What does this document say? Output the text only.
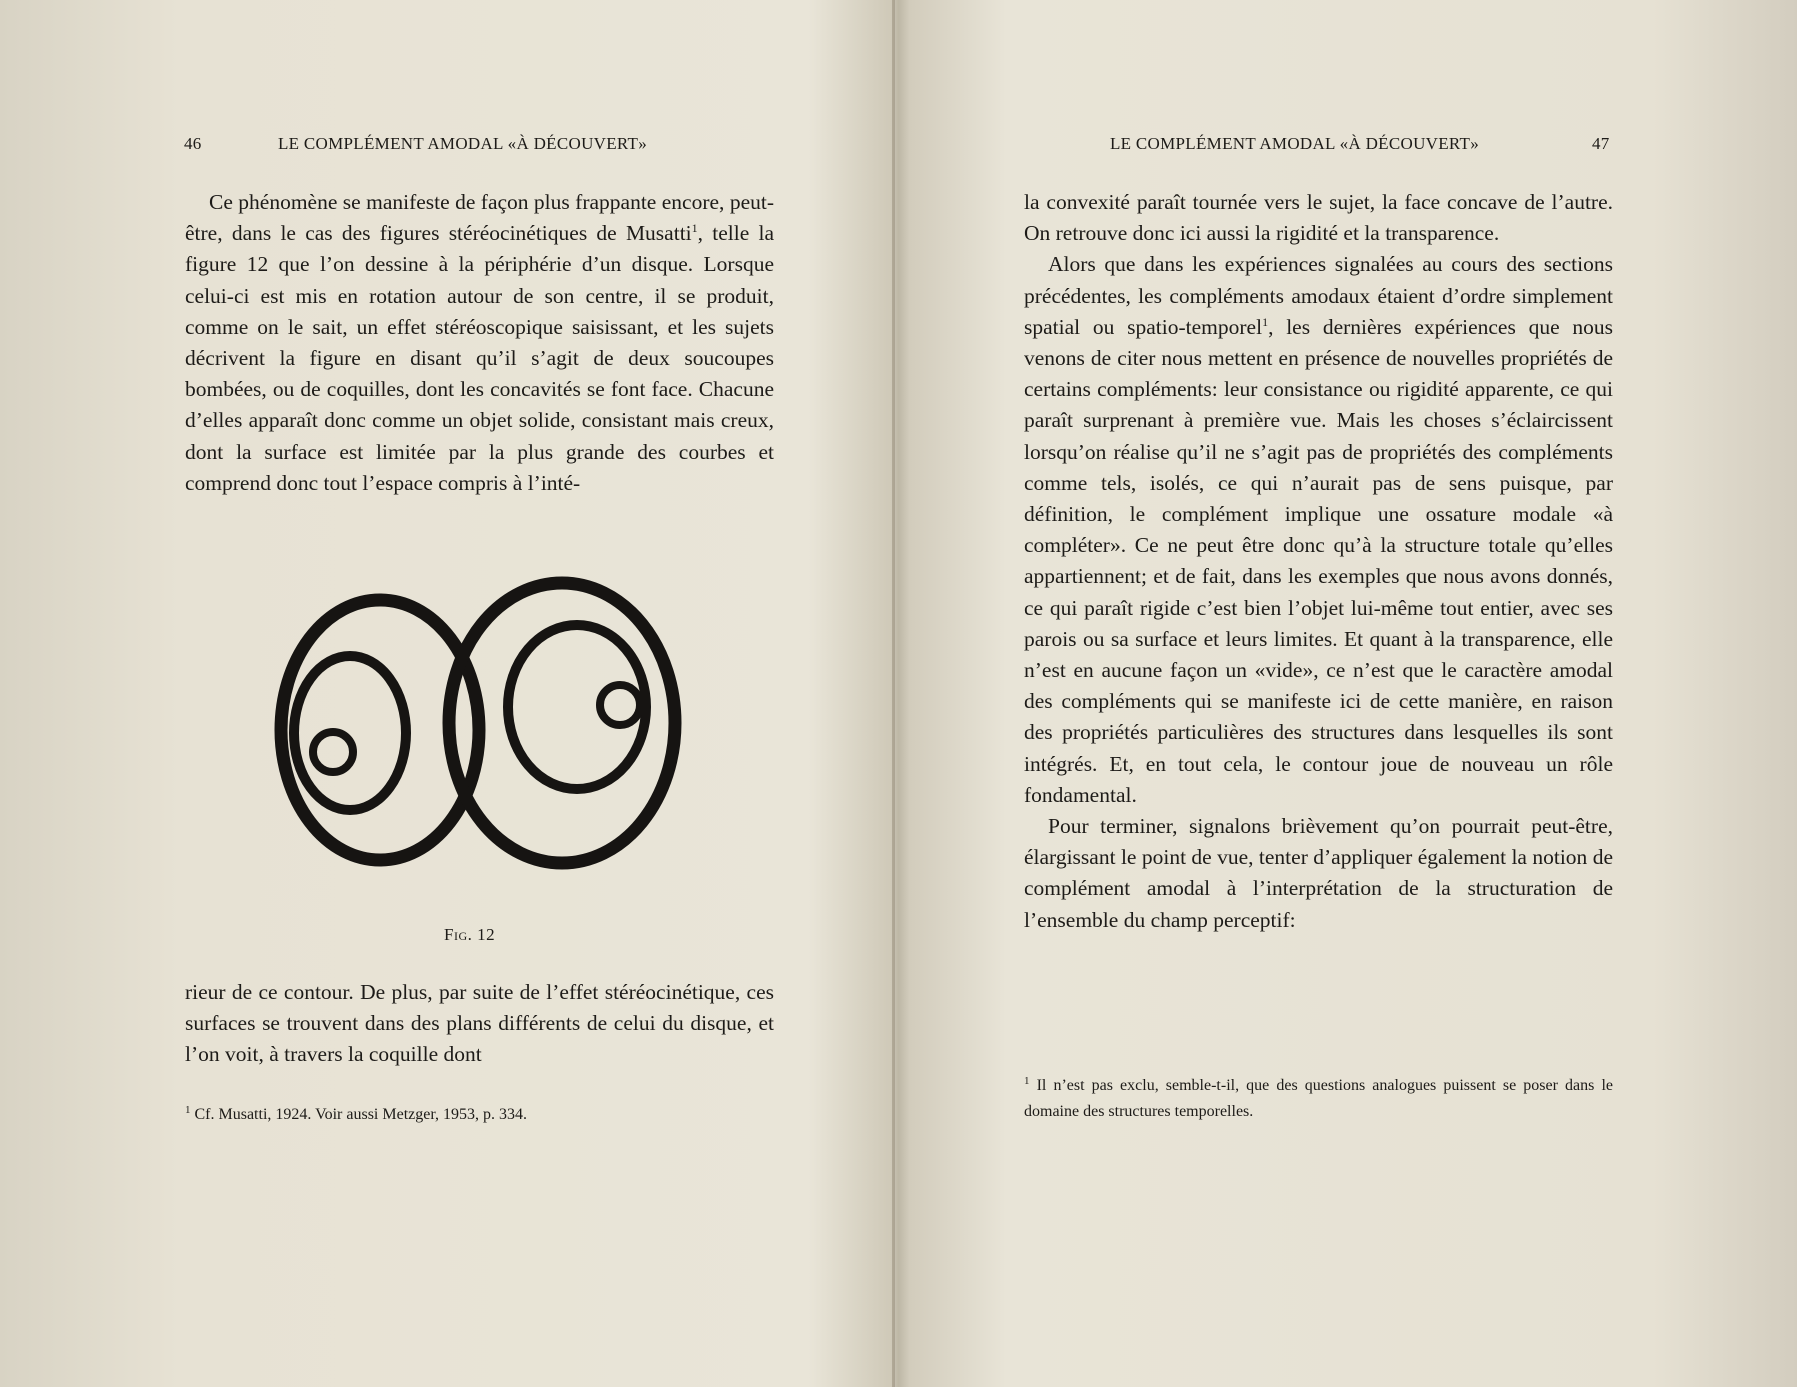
46	LE COMPLÉMENT AMODAL «À DÉCOUVERT»

Ce phénomène se manifeste de façon plus frappante encore, peut-être, dans le cas des figures stéréocinétiques de Musatti$^1$, telle la figure 12 que l’on dessine à la périphérie d’un disque. Lorsque celui-ci est mis en rotation autour de son centre, il se produit, comme on le sait, un effet stéréoscopique saisissant, et les sujets décrivent la figure en disant qu’il s’agit de deux soucoupes bombées, ou de coquilles, dont les concavités se font face. Chacune d’elles apparaît donc comme un objet solide, consistant mais creux, dont la surface est limitée par la plus grande des courbes et comprend donc tout l’espace compris à l’inté-

Fig. 12

rieur de ce contour. De plus, par suite de l’effet stéréocinétique, ces surfaces se trouvent dans des plans différents de celui du disque, et l’on voit, à travers la coquille dont

$^1$ Cf. Musatti, 1924. Voir aussi Metzger, 1953, p. 334.
LE COMPLÉMENT AMODAL «À DÉCOUVERT»	47

la convexité paraît tournée vers le sujet, la face concave de l’autre. On retrouve donc ici aussi la rigidité et la transparence.

Alors que dans les expériences signalées au cours des sections précédentes, les compléments amodaux étaient d’ordre simplement spatial ou spatio-temporel$^1$, les dernières expériences que nous venons de citer nous mettent en présence de nouvelles propriétés de certains compléments: leur consistance ou rigidité apparente, ce qui paraît surprenant à première vue. Mais les choses s’éclaircissent lorsqu’on réalise qu’il ne s’agit pas de propriétés des compléments comme tels, isolés, ce qui n’aurait pas de sens puisque, par définition, le complément implique une ossature modale «à compléter». Ce ne peut être donc qu’à la structure totale qu’elles appartiennent; et de fait, dans les exemples que nous avons donnés, ce qui paraît rigide c’est bien l’objet lui-même tout entier, avec ses parois ou sa surface et leurs limites. Et quant à la transparence, elle n’est en aucune façon un «vide», ce n’est que le caractère amodal des compléments qui se manifeste ici de cette manière, en raison des propriétés particulières des structures dans lesquelles ils sont intégrés. Et, en tout cela, le contour joue de nouveau un rôle fondamental.

Pour terminer, signalons brièvement qu’on pourrait peut-être, élargissant le point de vue, tenter d’appliquer également la notion de complément amodal à l’interprétation de la structuration de l’ensemble du champ perceptif:

$^1$ Il n’est pas exclu, semble-t-il, que des questions analogues puissent se poser dans le domaine des structures temporelles.
